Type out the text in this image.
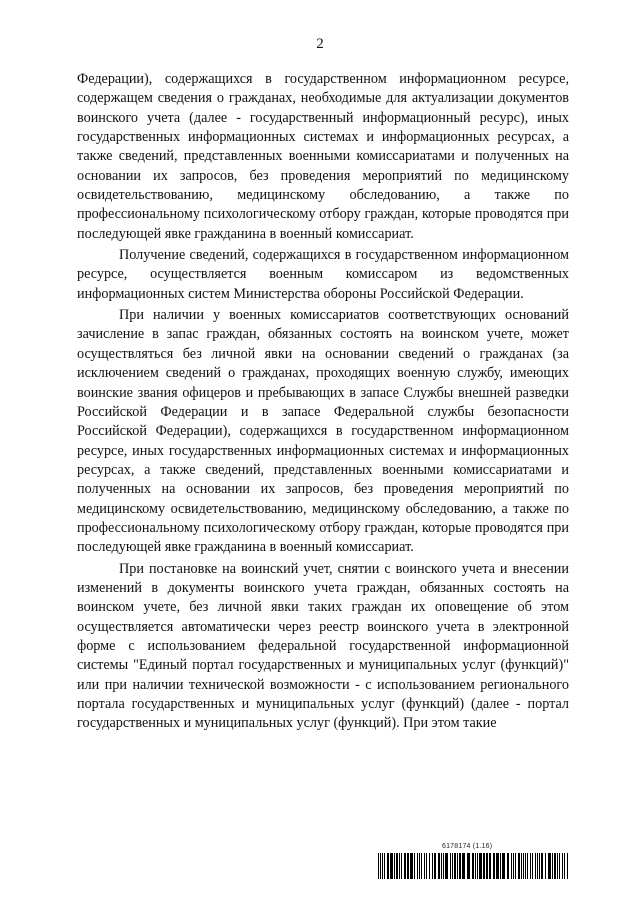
2

Федерации), содержащихся в государственном информационном ресурсе, содержащем сведения о гражданах, необходимые для актуализации документов воинского учета (далее - государственный информационный ресурс), иных государственных информационных системах и информационных ресурсах, а также сведений, представленных военными комиссариатами и полученных на основании их запросов, без проведения мероприятий по медицинскому освидетельствованию, медицинскому обследованию, а также по профессиональному психологическому отбору граждан, которые проводятся при последующей явке гражданина в военный комиссариат.

Получение сведений, содержащихся в государственном информационном ресурсе, осуществляется военным комиссаром из ведомственных информационных систем Министерства обороны Российской Федерации.

При наличии у военных комиссариатов соответствующих оснований зачисление в запас граждан, обязанных состоять на воинском учете, может осуществляться без личной явки на основании сведений о гражданах (за исключением сведений о гражданах, проходящих военную службу, имеющих воинские звания офицеров и пребывающих в запасе Службы внешней разведки Российской Федерации и в запасе Федеральной службы безопасности Российской Федерации), содержащихся в государственном информационном ресурсе, иных государственных информационных системах и информационных ресурсах, а также сведений, представленных военными комиссариатами и полученных на основании их запросов, без проведения мероприятий по медицинскому освидетельствованию, медицинскому обследованию, а также по профессиональному психологическому отбору граждан, которые проводятся при последующей явке гражданина в военный комиссариат.

При постановке на воинский учет, снятии с воинского учета и внесении изменений в документы воинского учета граждан, обязанных состоять на воинском учете, без личной явки таких граждан их оповещение об этом осуществляется автоматически через реестр воинского учета в электронной форме с использованием федеральной государственной информационной системы "Единый портал государственных и муниципальных услуг (функций)" или при наличии технической возможности - с использованием регионального портала государственных и муниципальных услуг (функций) (далее - портал государственных и муниципальных услуг (функций). При этом такие

6178174 (1.16)
